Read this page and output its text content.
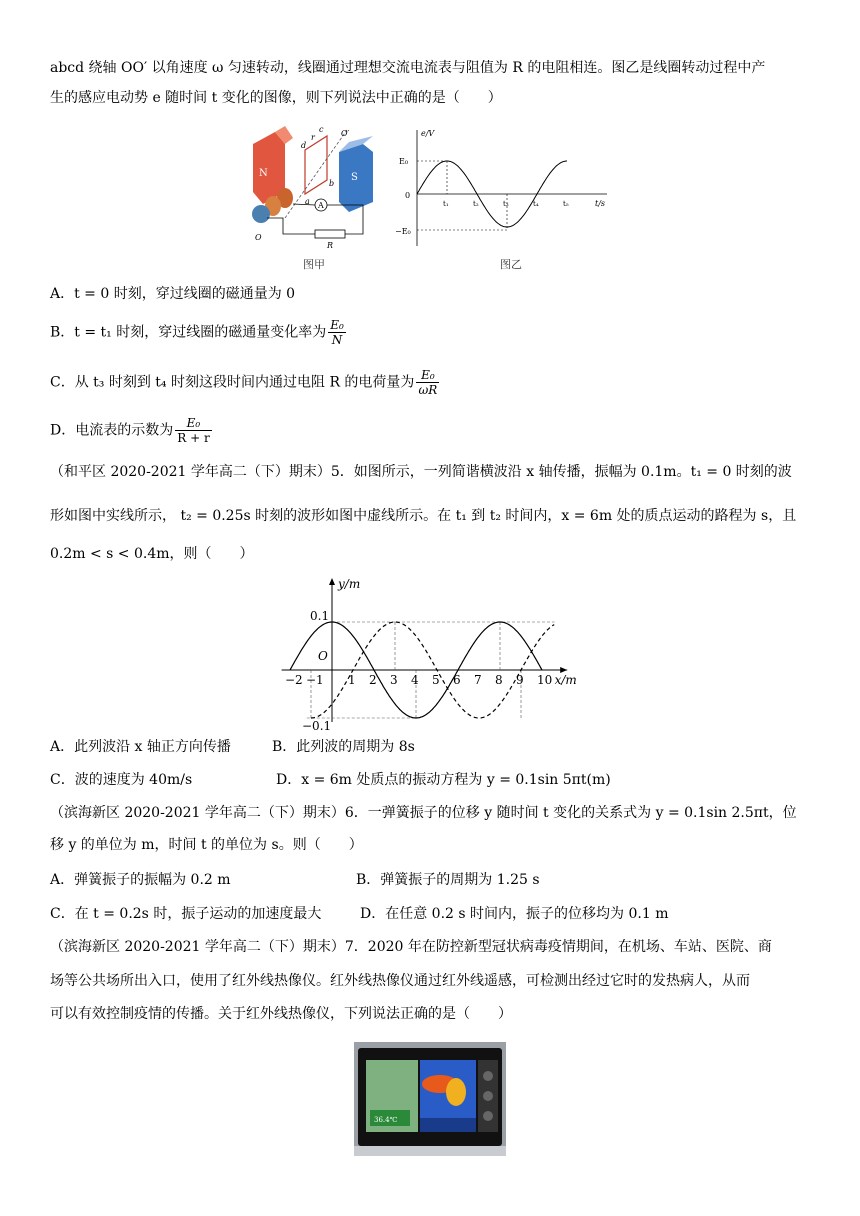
abcd 绕轴 OO′ 以角速度 ω 匀速转动，线圈通过理想交流电流表与阻值为 R 的电阻相连。图乙是线圈转动过程中产
生的感应电动势 e 随时间 t 变化的图像，则下列说法中正确的是（　　）
N	S
c
d
r
b
a
O′
O
A
R
图甲
e/V
t/s
0
E₀
−E₀
t₁	t₂	t₃	t₄	t₅
图乙
A．t = 0 时刻，穿过线圈的磁通量为 0
B．t = t₁ 时刻，穿过线圈的磁通量变化率为 $\frac{\text{E₀}}{N}$
C．从 t₃ 时刻到 t₄ 时刻这段时间内通过电阻 R 的电荷量为 $\frac{\text{E₀}}{\omega R}$
D．电流表的示数为 $\frac{\text{E₀}}{R + r}$
（和平区 2020-2021 学年高二（下）期末）5．如图所示，一列简谐横波沿 x 轴传播，振幅为 0.1m。t₁ = 0 时刻的波
形如图中实线所示， t₂ = 0.25s 时刻的波形如图中虚线所示。在 t₁ 到 t₂ 时间内，x = 6m 处的质点运动的路程为 s，且
0.2m < s < 0.4m，则（　　）
−2 −1 1 2 3 4 5 6 7 8 9 10
0.1
−0.1
O
x/m
y/m
A．此列波沿 x 轴正方向传播	B．此列波的周期为 8s
C．波的速度为 40m/s	D．x = 6m 处质点的振动方程为 y = 0.1sin 5πt(m)
（滨海新区 2020-2021 学年高二（下）期末）6．一弹簧振子的位移 y 随时间 t 变化的关系式为 y = 0.1sin 2.5πt，位
移 y 的单位为 m，时间 t 的单位为 s。则（　　）
A．弹簧振子的振幅为 0.2 m	B．弹簧振子的周期为 1.25 s
C．在 t = 0.2s 时，振子运动的加速度最大	D．在任意 0.2 s 时间内，振子的位移均为 0.1 m
（滨海新区 2020-2021 学年高二（下）期末）7．2020 年在防控新型冠状病毒疫情期间，在机场、车站、医院、商
场等公共场所出入口，使用了红外线热像仪。红外线热像仪通过红外线遥感，可检测出经过它时的发热病人，从而
可以有效控制疫情的传播。关于红外线热像仪，下列说法正确的是（　　）
36.4℃
